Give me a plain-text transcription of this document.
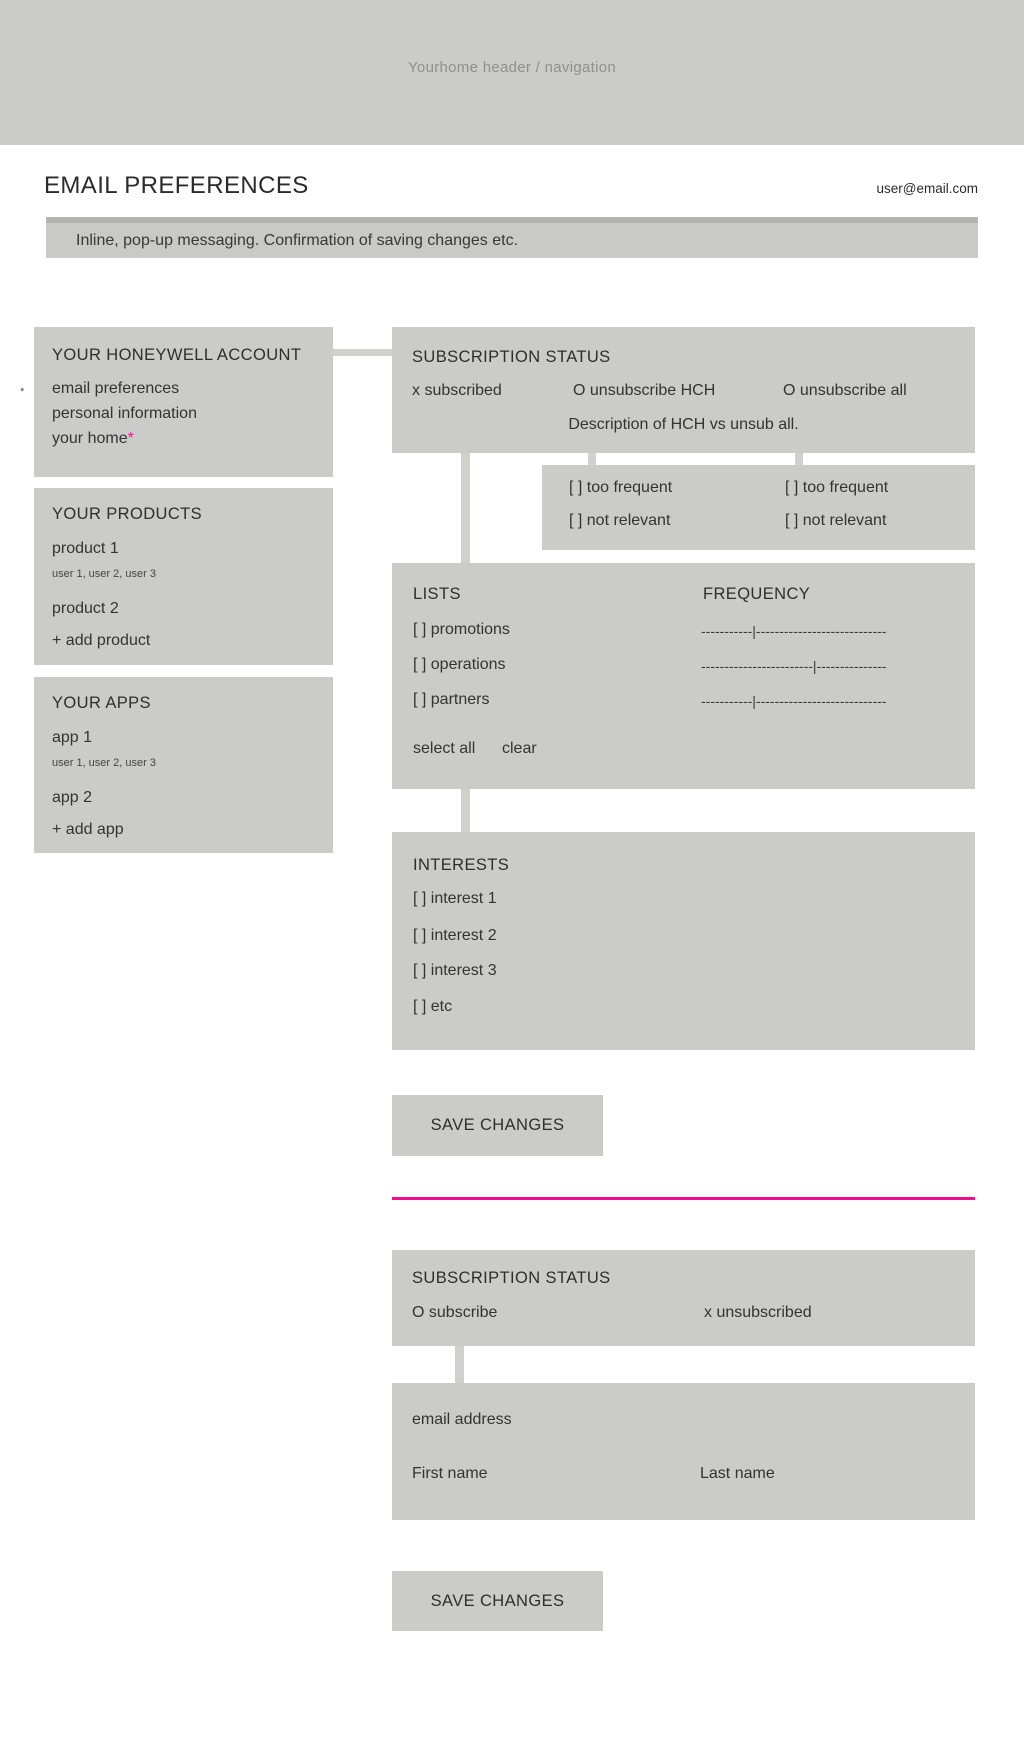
Yourhome header / navigation
EMAIL PREFERENCES	user@email.com
Inline, pop-up messaging. Confirmation of saving changes etc.
*
YOUR HONEYWELL ACCOUNT
email preferences
personal information
your home*
YOUR PRODUCTS
product 1
user 1, user 2, user 3
product 2
+ add product
YOUR APPS
app 1
user 1, user 2, user 3
app 2
+ add app
SUBSCRIPTION STATUS
x subscribed	O unsubscribe HCH	O unsubscribe all
Description of HCH vs unsub all.
[ ] too frequent	[ ] too frequent
[ ] not relevant	[ ] not relevant
LISTS	FREQUENCY
[ ] promotions	-----------|----------------------------
[ ] operations	------------------------|---------------
[ ] partners	-----------|----------------------------
select all clear
INTERESTS
[ ] interest 1
[ ] interest 2
[ ] interest 3
[ ] etc
SAVE CHANGES
SUBSCRIPTION STATUS
O subscribe	x unsubscribed
email address
First name	Last name
SAVE CHANGES
